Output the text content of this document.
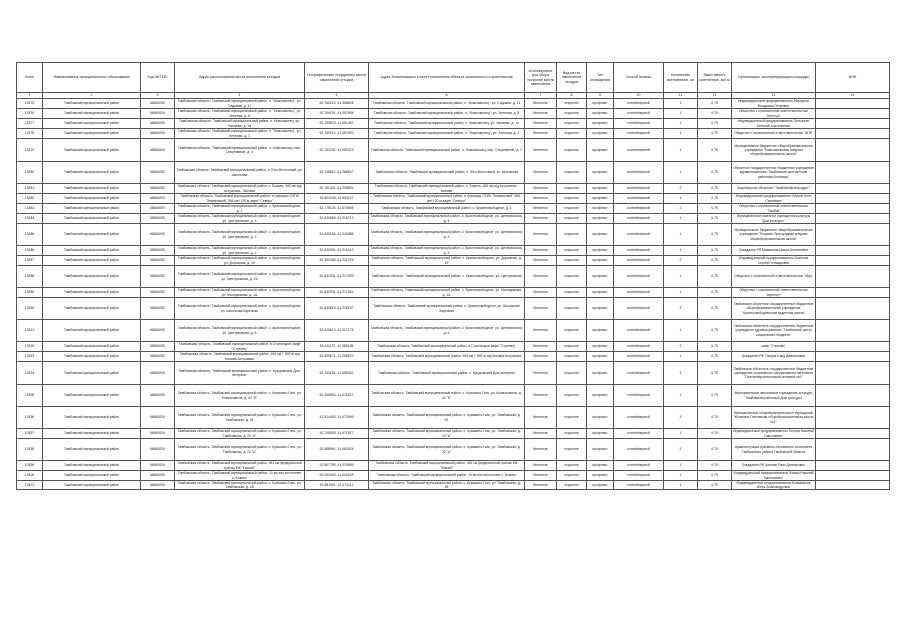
№п/п	Наименование муниципального образования	Код ОКТМО	Адрес расположения места накопления отходов	Географические координаты места накопления отходов	Адрес близлежащего к месту накопления объекта капитального строительства	Используемое для сбора покрытие места накопления	Вид места накопления отходов	Тип ограждения	Способ вывоза	Количество контейнеров, шт	Вместимость контейнера, куб.м	Организация, эксплуатирующая площадку	ИНН
1	2	3	4	5	6	7	8	9	10	11	12	13	14
13375	Тамбовский муниципальный район	68640000	Тамбовская область, Тамбовский муниципальный район, п. "Комсомолец", ул. Садовая, д. 11	52.765213, 41.358808	Тамбовская область, Тамбовский муниципальный район, п. "Комсомолец", ул. Садовая, д. 11	бетонное	открытое	профлист	контейнерный	1	0,75	Индивидуальный предприниматель Меркулов Владимир Петрович	
13376	Тамбовский муниципальный район	68640000	Тамбовская область, Тамбовский муниципальный район, п. "Комсомолец", ул. Зеленая, д. 8	52.764191, 41.357694	Тамбовская область, Тамбовский муниципальный район, п. "Комсомолец", ул. Зеленая, д. 8	бетонное	открытое	профлист	контейнерный	1	0,75	Общество с ограниченной ответственностью "Агроторг"	
13377	Тамбовский муниципальный район	68640000	Тамбовская область, Тамбовский муниципальный район, п. Комсомолец, ул. Чапаева, д. 1а	52.769876, 41.391487	Тамбовская область, Тамбовский муниципальный район, п. Комсомолец, ул. Чапаева, д. 1а	бетонное	открытое	профлист	контейнерный	1	0,75	Индивидуальный предприниматель Григорьев Виталий Анатольевич	
13378	Тамбовский муниципальный район	68640000	Тамбовская область, Тамбовский муниципальный район, п. "Комсомолец", ул. Зеленая, д. 1	52.769213, 41.357993	Тамбовская область, Тамбовский муниципальный район, п. "Комсомолец", ул. Зеленая, д. 1	бетонное	открытое	профлист	контейнерный	1	0,75	Общество с ограниченной ответственностью "АПК"	
13379	Тамбовский муниципальный район	68640000	Тамбовская область, Тамбовский муниципальный район, п. Комсомолец, пер. Спортивный, д. 1	52.763792, 41.359213	Тамбовская область, Тамбовский муниципальный район, п. Комсомолец, пер. Спортивный, д. 1	бетонное	открытое	профлист	контейнерный	1	0,75	Муниципальное бюджетное общеобразовательное учреждение "Комсомольская средняя общеобразовательная школа"	
13380	Тамбовский муниципальный район	68640000	Тамбовская область, Тамбовский муниципальный район, п. Юго-Восточный, ул. Школьная	52.748812, 41.386847	Тамбовская область, Тамбовский муниципальный район, п. Юго-Восточный, ул. Школьная	бетонное	открытое	профлист	контейнерный	1	0,75	Областное государственное бюджетное учреждение здравоохранения "Тамбовская центральная районная больница"	
13381	Тамбовский муниципальный район	68640000	Тамбовская область, Тамбовский муниципальный район, с. Бокино, 460 км а/д Астрахань - Москва	52.781401, 41.308891	Тамбовская область, Тамбовский муниципальный район, с. Бокино, 460 км а/д Астрахань - Москва	бетонное	открытое	профлист	контейнерный	2	0,75	Акционерное общество "Тамбовнефтепродукт"	
13382	Тамбовский муниципальный район	68640000	Тамбовская область, Тамбовский муниципальный район, в границах СХПК "Знаменский" 456 км+120 м кафе "Северо"	52.802345, 41.331127	Тамбовская область, Тамбовский муниципальный район, в границах СХПК "Знаменский" 456 км+120 м кафе "Северо"	бетонное	открытое	профлист	контейнерный	1	0,75	Индивидуальный предприниматель Окунев Олег Сергеевич	
13383	Тамбовский муниципальный район	68640000	Тамбовская область, Тамбовский муниципальный район, с. Красносвободное, д. 1	52.778125, 41.374898	Тамбовская область, Тамбовский муниципальный район, с. Красносвободное, д. 1	бетонное	открытое	профлист	контейнерный	2	0,75	Общество с ограниченной ответственностью "Тамбов"	
13384	Тамбовский муниципальный район	68640000	Тамбовская область, Тамбовский муниципальный район, с. Красносвободное, ул. Центральная, д. 4	52.630683, 41.315713	Тамбовская область, Тамбовский муниципальный район, с. Красносвободное, ул. Центральная, д. 4	бетонное	открытое	профлист	контейнерный	1	0,75	Муниципальное казенное учреждение культуры "Дом культуры "	
13385	Тамбовский муниципальный район	68640000	Тамбовская область, Тамбовский муниципальный район, с. Красносвободное, ул. Центральная, д. 2	52.630156, 41.316086	Тамбовская область, Тамбовский муниципальный район, с. Красносвободное, ул. Центральная, д. 2	бетонное	открытое	профлист	контейнерный	1	0,75	Муниципальное бюджетное общеобразовательное учреждение "Покрово-Пригородная средняя общеобразовательная школа"	
13386	Тамбовский муниципальный район	68640000	Тамбовская область, Тамбовский муниципальный район, с. Красносвободное, ул. Центральная, д. 2	52.630301, 41.316219	Тамбовская область, Тамбовский муниципальный район, с. Красносвободное, ул. Центральная, д. 2	бетонное	открытое	профлист	контейнерный	1	0,75	Гражданин РФ Мамыкина Ирина Алексеевна	
13387	Тамбовский муниципальный район	68640000	Тамбовская область, Тамбовский муниципальный район, с. Красносвободное, ул. Дорожная, д. 19	52.352346, 41.321076	Тамбовская область, Тамбовский муниципальный район, с. Красносвободное, ул. Дорожная, д. 19	бетонное	открытое	профлист	контейнерный	2	0,75	Индивидуальный предприниматель Кошелев Сергей Геннадьевич	
13388	Тамбовский муниципальный район	68640000	Тамбовская область, Тамбовский муниципальный район, с. Красносвободное, ул. Центральная, д. 23	52.631931, 41.317099	Тамбовская область, Тамбовский муниципальный район, с. Красносвободное, ул. Центральная	бетонное	открытое	профлист	контейнерный	1	0,75	Общество с ограниченной ответственностью "Мир"	
13389	Тамбовский муниципальный район	68640000	Тамбовская область, Тамбовский муниципальный район, с. Красносвободное, ул. Молодежная, д. 1А	52.630931, 41.317281	Тамбовская область, Тамбовский муниципальный район, с. Красносвободное, ул. Молодежная, д. 1А	бетонное	открытое	профлист	контейнерный	1	0,75	Общество с ограниченной ответственностью "Агроторг"	
13390	Тамбовский муниципальный район	68640000	Тамбовская область, Тамбовский муниципальный район, с. Красносвободное, ул. Школьная/Заречная	52.630819, 41.318187	Тамбовская область, Тамбовский муниципальный район, с. Красносвободное, ул. Школьная/Заречная	бетонное	открытое	профлист	контейнерный	3	0,75	Тамбовское областное государственное бюджетное общеобразовательное учреждение "Красносвободненская кадетская школа"	
13391	Тамбовский муниципальный район	68640000	Тамбовская область, Тамбовский муниципальный район, с. Красносвободное, ул. Центральная, д. 6	52.629613, 41.317176	Тамбовская область, Тамбовский муниципальный район, с. Красносвободное, ул. Центральная, д. 6	бетонное	открытое	профлист	контейнерный	1	0,75	Тамбовское областное государственное бюджетное учреждение здравоохранения "Тамбовский центр социального бюджета"	
13392	Тамбовский муниципальный район	68640000	Тамбовская область, Тамбовский муниципальный район, в Стрелецкое кафе "Стрелец"	52.611172, 41.365138	Тамбовская область, Тамбовский муниципальный район, в Стрелецкое кафе "Стрелец"	бетонное	открытое	профлист	контейнерный	2	0,75	кафе "Стрелец"	
13393	Тамбовский муниципальный район	68640000	Тамбовская область, Тамбовский муниципальный район, 494 км + 800 м а/д Москва-Астрахань	52.599671, 41.266870	Тамбовская область, Тамбовский муниципальный район, 494 км + 800 м а/д Москва-Астрахань	бетонное	открытое	профлист	контейнерный	1	0,75	Гражданин РФ Озеров Саид Джалалович	
13394	Тамбовский муниципальный район	68640000	Тамбовская область, Тамбовский муниципальный район, с. Кукуровский Дом-интернат	52.733154, 41.455342	Тамбовская область, Тамбовский муниципальный район, с. Кукуровский Дом-интернат	бетонное	открытое	профлист	контейнерный	3	0,75	Тамбовское областное государственное бюджетное учреждение социального обслуживания населения "Психоневрологический интернат №1"	
13395	Тамбовский муниципальный район	68640000	Тамбовская область, Тамбовский муниципальный район, с. Кузьмино-Гать, ул. Космонавтов, д. 42 "б"	52.358993, 41.476247	Тамбовская область, Тамбовский муниципальный район, с. Кузьмино-Гать, ул. Космонавтов, д. 42 "б"	бетонное	открытое	профлист	контейнерный	1	0,75	Муниципальное автономное учреждение культуры "Тамбовский районный Дом культуры"	
13396	Тамбовский муниципальный район	68640000	Тамбовская область, Тамбовский муниципальный район, с. Кузьмино-Гать, ул. Тамбовская, д. 51	52.514483, 41.473996	Тамбовская область, Тамбовский муниципальный район, с. Кузьмино-Гать, ул. Тамбовская, д. 51	бетонное	открытое	профлист	контейнерный	3	0,75	Муниципальное общеобразовательное учреждение "Кузьмино-Гатьевская общеобразовательная школа №1"	
13397	Тамбовский муниципальный район	68640000	Тамбовская область, Тамбовский муниципальный район, с. Кузьмино-Гать, ул. Тамбовская, д. 20 "а"	52.749928, 41.471517	Тамбовская область, Тамбовский муниципальный район, с. Кузьмино-Гать, ул. Тамбовская, д. 20 "а"	бетонное	открытое	профлист	контейнерный	1	0,75	Индивидуальный предприниматель Петров Николай Николаевич	
13398	Тамбовский муниципальный район	68640000	Тамбовская область, Тамбовский муниципальный район, с. Кузьмино-Гать, ул. Тамбовская, д. 22 "а"	52.588951, 41.462624	Тамбовская область, Тамбовский муниципальный район, с. Кузьмино-Гать, ул. Тамбовская, д. 22 "а"	бетонное	открытое	профлист	контейнерный	2	0,75	Администрация Кузьмино-Гатьевского сельсовета Тамбовского района Тамбовской области	
13399	Тамбовский муниципальный район	68640000	Тамбовская область, Тамбовский муниципальный район, 481 км федеральной трассы М6 "Каспий"	52.567789, 41.324585	Тамбовская область, Тамбовский муниципальный район, 481 км федеральной трассы М6 "Каспий"	бетонное	открытое	профлист	контейнерный	1	0,75	Гражданин РФ Алешин Раис Дониярович	
13400	Тамбовский муниципальный район	68640000	Тамбовская область, Тамбовский муниципальный район, 10 км юго-восточнее с. Бокино	52.494405, 41.432169	Тамбовская область, Тамбовский муниципальный район, 10 км юго-восточнее с. Бокино	бетонное	открытое	профлист	контейнерный	1	0,75	Индивидуальный предприниматель Фомин Николай Васильевич	
13401	Тамбовский муниципальный район	68640000	Тамбовская область, Тамбовский муниципальный район, с. Кузьмино-Гать, ул. Тамбовская, д. 28	52.581901, 41.473112	Тамбовская область, Тамбовский муниципальный район, с. Кузьмино-Гать, ул. Тамбовская, д. 28	бетонное	открытое	профлист	контейнерный	1	0,75	Индивидуальный предприниматель Кожевников Игорь Александрович	
